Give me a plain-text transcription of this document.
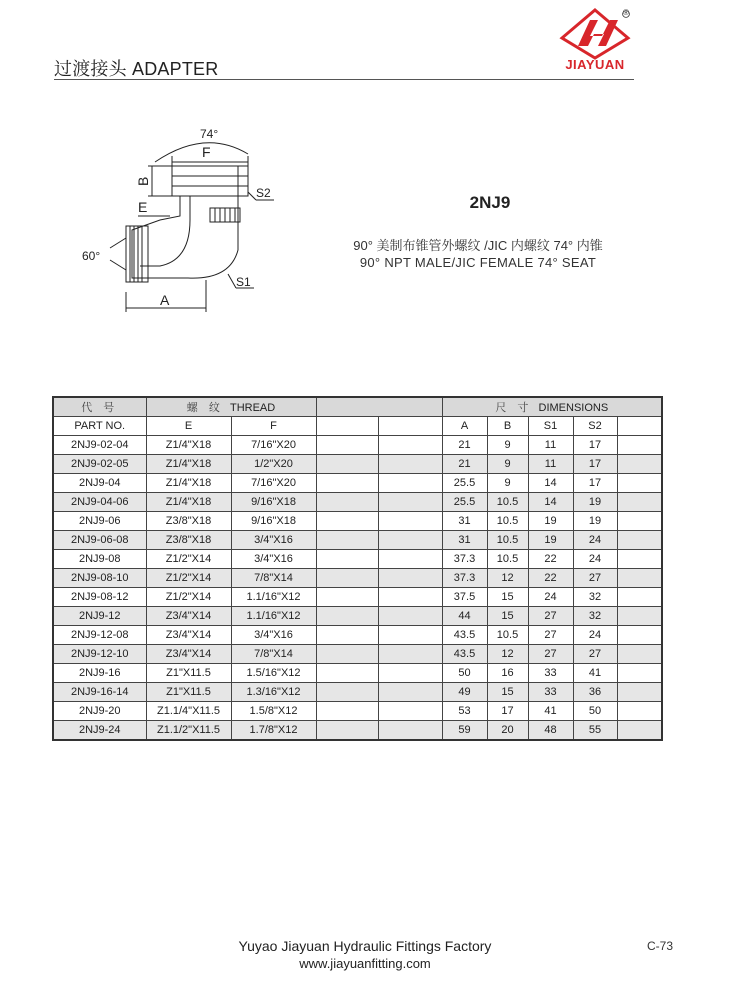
过渡接头 ADAPTER
®
JIAYUAN
74°
F
B
E
S2
60°
S1
A
2NJ9
90° 美制布锥管外螺纹 /JIC 内螺纹 74° 内锥
90° NPT MALE/JIC FEMALE 74° SEAT
代 号	螺 纹 THREAD				尺 寸 DIMENSIONS				
PART NO.	E	F			A	B	S1	S2	
2NJ9-02-04	Z1/4"X18	7/16"X20			21	9	11	17	
2NJ9-02-05	Z1/4"X18	1/2"X20			21	9	11	17	
2NJ9-04	Z1/4"X18	7/16"X20			25.5	9	14	17	
2NJ9-04-06	Z1/4"X18	9/16"X18			25.5	10.5	14	19	
2NJ9-06	Z3/8"X18	9/16"X18			31	10.5	19	19	
2NJ9-06-08	Z3/8"X18	3/4"X16			31	10.5	19	24	
2NJ9-08	Z1/2"X14	3/4"X16			37.3	10.5	22	24	
2NJ9-08-10	Z1/2"X14	7/8"X14			37.3	12	22	27	
2NJ9-08-12	Z1/2"X14	1.1/16"X12			37.5	15	24	32	
2NJ9-12	Z3/4"X14	1.1/16"X12			44	15	27	32	
2NJ9-12-08	Z3/4"X14	3/4"X16			43.5	10.5	27	24	
2NJ9-12-10	Z3/4"X14	7/8"X14			43.5	12	27	27	
2NJ9-16	Z1"X11.5	1.5/16"X12			50	16	33	41	
2NJ9-16-14	Z1"X11.5	1.3/16"X12			49	15	33	36	
2NJ9-20	Z1.1/4"X11.5	1.5/8"X12			53	17	41	50	
2NJ9-24	Z1.1/2"X11.5	1.7/8"X12			59	20	48	55	
Yuyao Jiayuan Hydraulic Fittings Factory
www.jiayuanfitting.com
C-73
